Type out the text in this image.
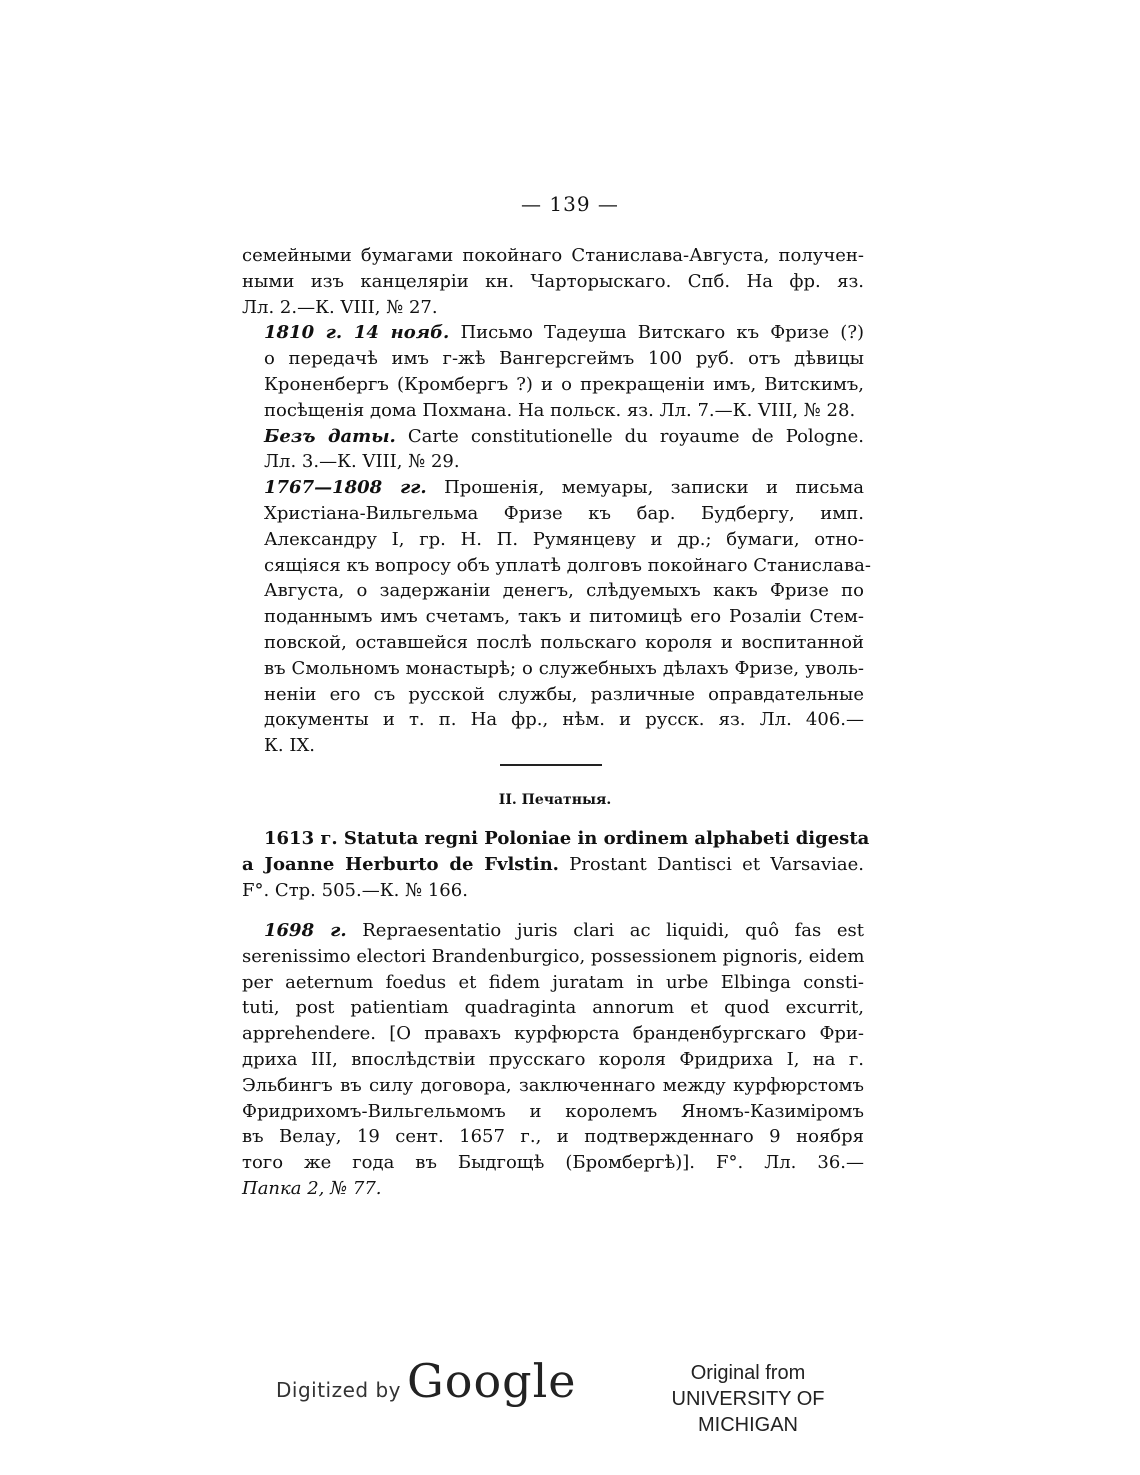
— 139 —

семейными бумагами покойнаго Станислава-Августа, получен-
ными изъ канцеляріи кн. Чарторыскаго. Спб. На фр. яз.
Лл. 2.—К. VIII, № 27.

1810 г. 14 нояб. Письмо Тадеуша Витскаго къ Фризе (?)
о передачѣ имъ г-жѣ Вангерсгеймъ 100 руб. отъ дѣвицы
Кроненбергъ (Кромбергъ ?) и о прекращеніи имъ, Витскимъ,
посѣщенія дома Похмана. На польск. яз. Лл. 7.—К. VIII, № 28.

Безъ даты. Carte constitutionelle du royaume de Pologne.
Лл. 3.—К. VIII, № 29.

1767—1808 гг. Прошенія, мемуары, записки и письма
Христіана-Вильгельма Фризе къ бар. Будбергу, имп.
Александру I, гр. Н. П. Румянцеву и др.; бумаги, отно-
сящіяся къ вопросу объ уплатѣ долговъ покойнаго Станислава-
Августа, о задержаніи денегъ, слѣдуемыхъ какъ Фризе по
поданнымъ имъ счетамъ, такъ и питомицѣ его Розаліи Стем-
повской, оставшейся послѣ польскаго короля и воспитанной
въ Смольномъ монастырѣ; о служебныхъ дѣлахъ Фризе, уволь-
неніи его съ русской службы, различные оправдательные
документы и т. п. На фр., нѣм. и русск. яз. Лл. 406.—
К. IX.

II. Печатныя.

1613 г. Statuta regni Poloniae in ordinem alphabeti digesta
a Joanne Herburto de Fvlstin. Prostant Dantisci et Varsaviae.
F°. Стр. 505.—К. № 166.

1698 г. Repraesentatio juris clari ac liquidi, quô fas est
serenissimo electori Brandenburgico, possessionem pignoris, eidem
per aeternum foedus et fidem juratam in urbe Elbinga consti-
tuti, post patientiam quadraginta annorum et quod excurrit,
apprehendere. [О правахъ курфюрста бранденбургскаго Фри-
дриха III, впослѣдствіи прусскаго короля Фридриха I, на г.
Эльбингъ въ силу договора, заключеннаго между курфюрстомъ
Фридрихомъ-Вильгельмомъ и королемъ Яномъ-Казиміромъ
въ Велау, 19 сент. 1657 г., и подтвержденнаго 9 ноября
того же года въ Быдгощѣ (Бромбергѣ)]. F°. Лл. 36.—
Папка 2, № 77.

Digitized by Google	Original from
UNIVERSITY OF MICHIGAN
